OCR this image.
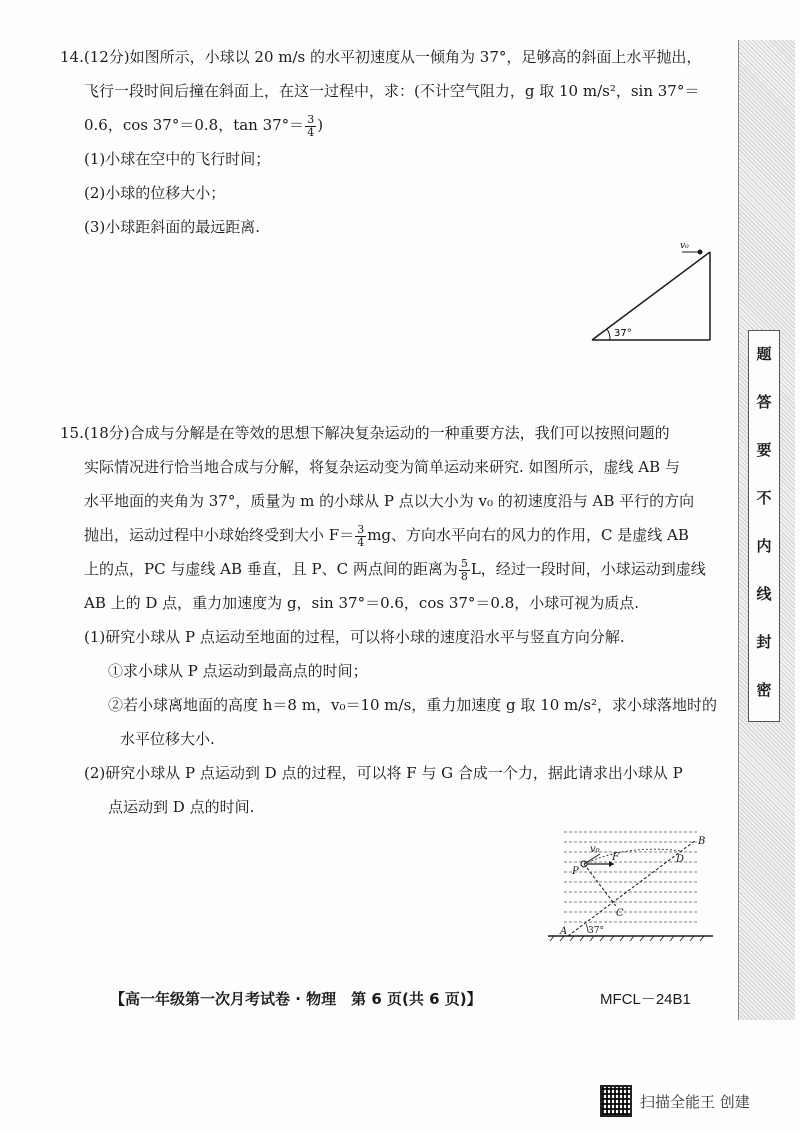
14.(12分)如图所示，小球以 20 m/s 的水平初速度从一倾角为 37°，足够高的斜面上水平抛出，
飞行一段时间后撞在斜面上，在这一过程中，求：(不计空气阻力，g 取 10 m/s²，sin 37°＝
0.6，cos 37°＝0.8，$\tan 37^\circ= \frac{3}{4}$ )
(1)小球在空中的飞行时间；
(2)小球的位移大小；
(3)小球距斜面的最远距离.
37°
v₀
15.(18分)合成与分解是在等效的思想下解决复杂运动的一种重要方法，我们可以按照问题的
实际情况进行恰当地合成与分解，将复杂运动变为简单运动来研究. 如图所示，虚线 AB 与
水平地面的夹角为 37°，质量为 m 的小球从 P 点以大小为 v₀ 的初速度沿与 AB 平行的方向
抛出，运动过程中小球始终受到大小 $F= \frac{3}{4}$ mg、方向水平向右的风力的作用，C 是虚线 AB
上的点，PC 与虚线 AB 垂直，且 P、C 两点间的距离为 $\frac{5}{8}$ L，经过一段时间，小球运动到虚线
AB 上的 D 点，重力加速度为 g，sin 37°＝0.6，cos 37°＝0.8，小球可视为质点.
(1)研究小球从 P 点运动至地面的过程，可以将小球的速度沿水平与竖直方向分解.
①求小球从 P 点运动到最高点的时间；
②若小球离地面的高度 h＝8 m，v₀＝10 m/s，重力加速度 g 取 10 m/s²，求小球落地时的
水平位移大小.
(2)研究小球从 P 点运动到 D 点的过程，可以将 F 与 G 合成一个力，据此请求出小球从 P
点运动到 D 点的时间.
A
B
C
D
P
F
v₀
37°
题
答
要
不
内
线
封
密
【高一年级第一次月考试卷 · 物理　第 6 页(共 6 页)】	MFCL－24B1
扫描全能王 创建
